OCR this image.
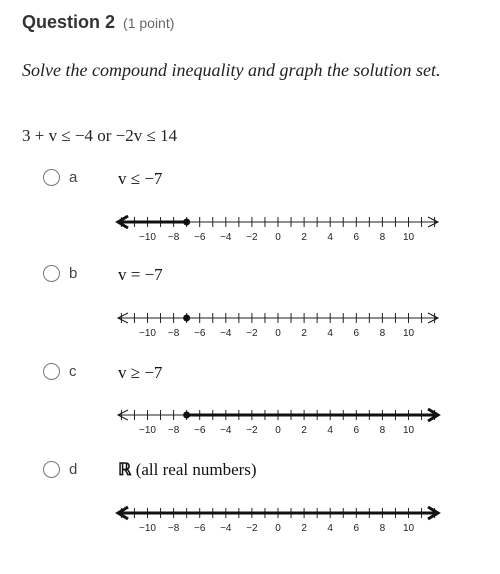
Question 2 (1 point)
Solve the compound inequality and graph the solution set.
3 + v ≤ −4 or −2v ≤ 14
a v ≤ −7
−10 −8 −6 −4 −2 0 2 4 6 8 10
b v = −7
−10 −8 −6 −4 −2 0 2 4 6 8 10
c v ≥ −7
−10 −8 −6 −4 −2 0 2 4 6 8 10
d ℝ (all real numbers)
−10 −8 −6 −4 −2 0 2 4 6 8 10
